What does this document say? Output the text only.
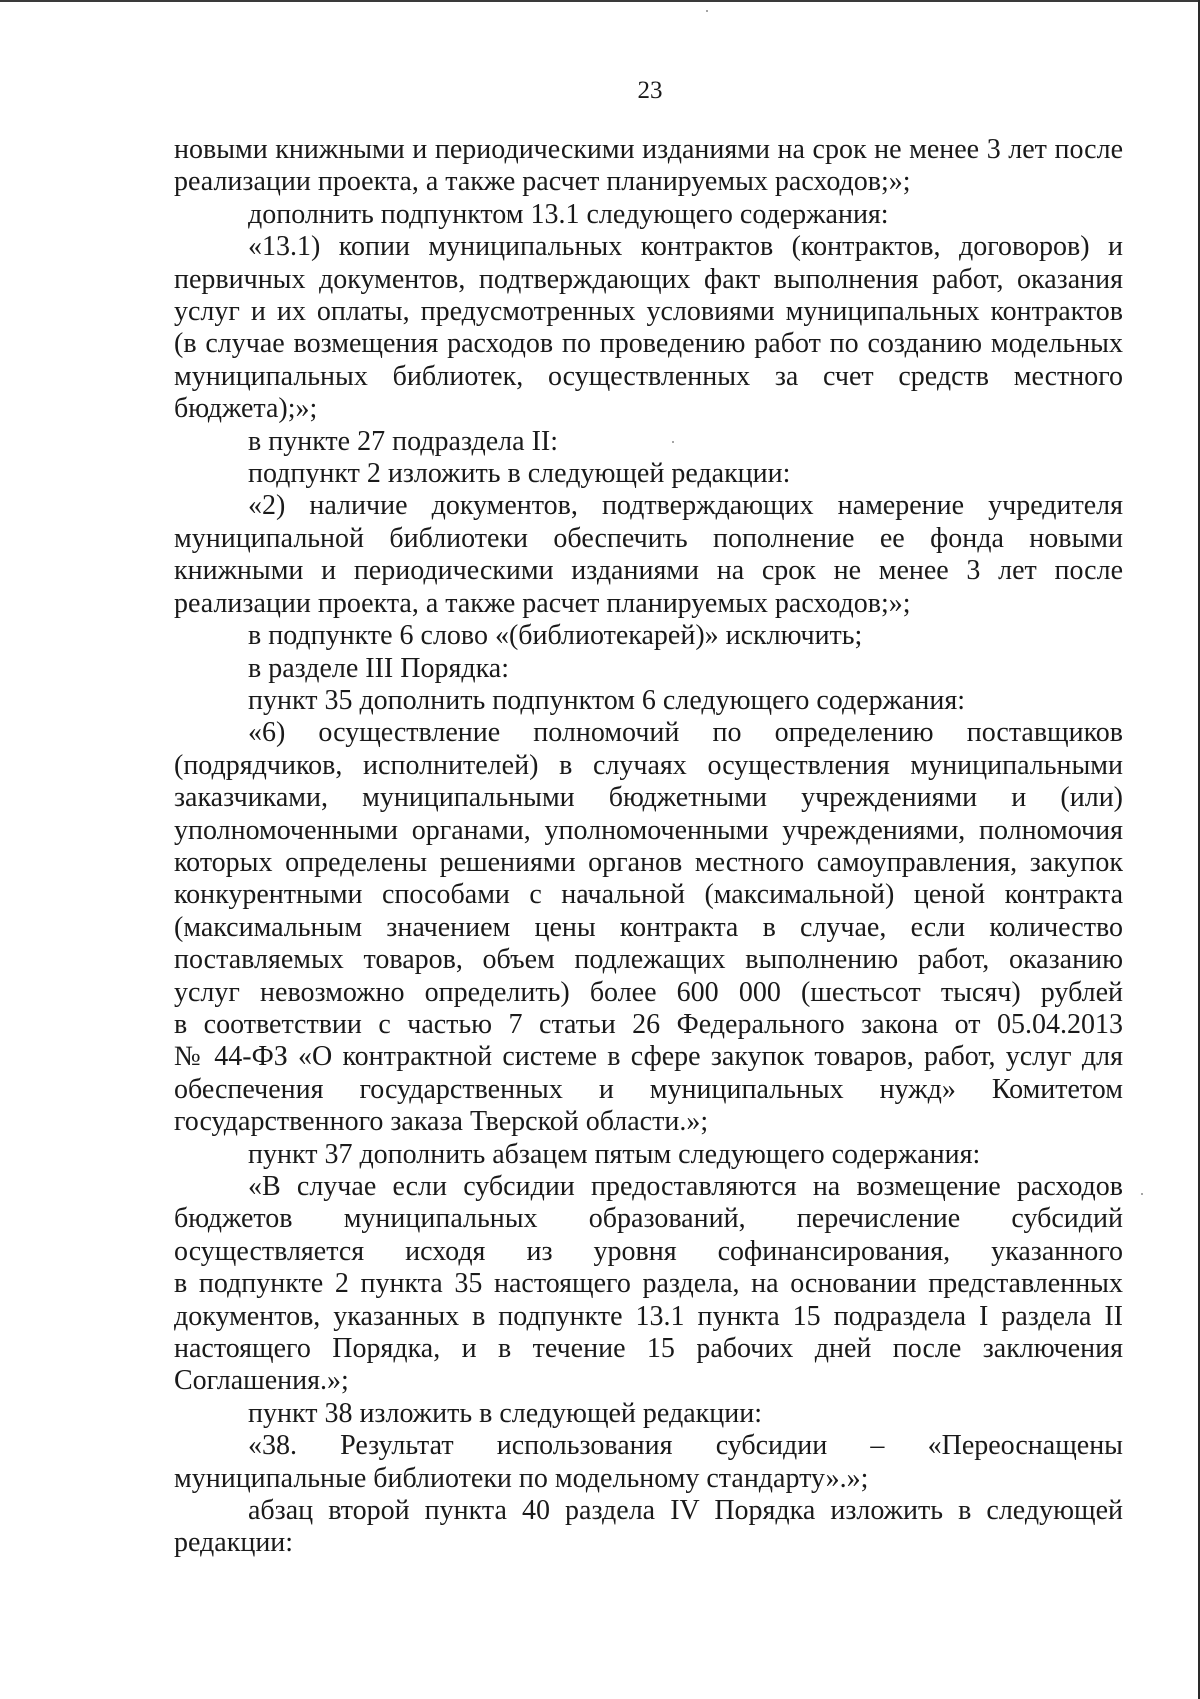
23

новыми книжными и периодическими изданиями на срок не менее 3 лет после

реализации проекта, а также расчет планируемых расходов;»;

дополнить подпунктом 13.1 следующего содержания:

«13.1) копии муниципальных контрактов (контрактов, договоров) и

первичных документов, подтверждающих факт выполнения работ, оказания

услуг и их оплаты, предусмотренных условиями муниципальных контрактов

(в случае возмещения расходов по проведению работ по созданию модельных

муниципальных библиотек, осуществленных за счет средств местного

бюджета);»;

в пункте 27 подраздела II:

подпункт 2 изложить в следующей редакции:

«2) наличие документов, подтверждающих намерение учредителя

муниципальной библиотеки обеспечить пополнение ее фонда новыми

книжными и периодическими изданиями на срок не менее 3 лет после

реализации проекта, а также расчет планируемых расходов;»;

в подпункте 6 слово «(библиотекарей)» исключить;

в разделе III Порядка:

пункт 35 дополнить подпунктом 6 следующего содержания:

«6) осуществление полномочий по определению поставщиков

(подрядчиков, исполнителей) в случаях осуществления муниципальными

заказчиками, муниципальными бюджетными учреждениями и (или)

уполномоченными органами, уполномоченными учреждениями, полномочия

которых определены решениями органов местного самоуправления, закупок

конкурентными способами с начальной (максимальной) ценой контракта

(максимальным значением цены контракта в случае, если количество

поставляемых товаров, объем подлежащих выполнению работ, оказанию

услуг невозможно определить) более 600 000 (шестьсот тысяч) рублей

в соответствии с частью 7 статьи 26 Федерального закона от 05.04.2013

№ 44-ФЗ «О контрактной системе в сфере закупок товаров, работ, услуг для

обеспечения государственных и муниципальных нужд» Комитетом

государственного заказа Тверской области.»;

пункт 37 дополнить абзацем пятым следующего содержания:

«В случае если субсидии предоставляются на возмещение расходов

бюджетов муниципальных образований, перечисление субсидий

осуществляется исходя из уровня софинансирования, указанного

в подпункте 2 пункта 35 настоящего раздела, на основании представленных

документов, указанных в подпункте 13.1 пункта 15 подраздела I раздела II

настоящего Порядка, и в течение 15 рабочих дней после заключения

Соглашения.»;

пункт 38 изложить в следующей редакции:

«38. Результат использования субсидии – «Переоснащены

муниципальные библиотеки по модельному стандарту».»;

абзац второй пункта 40 раздела IV Порядка изложить в следующей

редакции:
